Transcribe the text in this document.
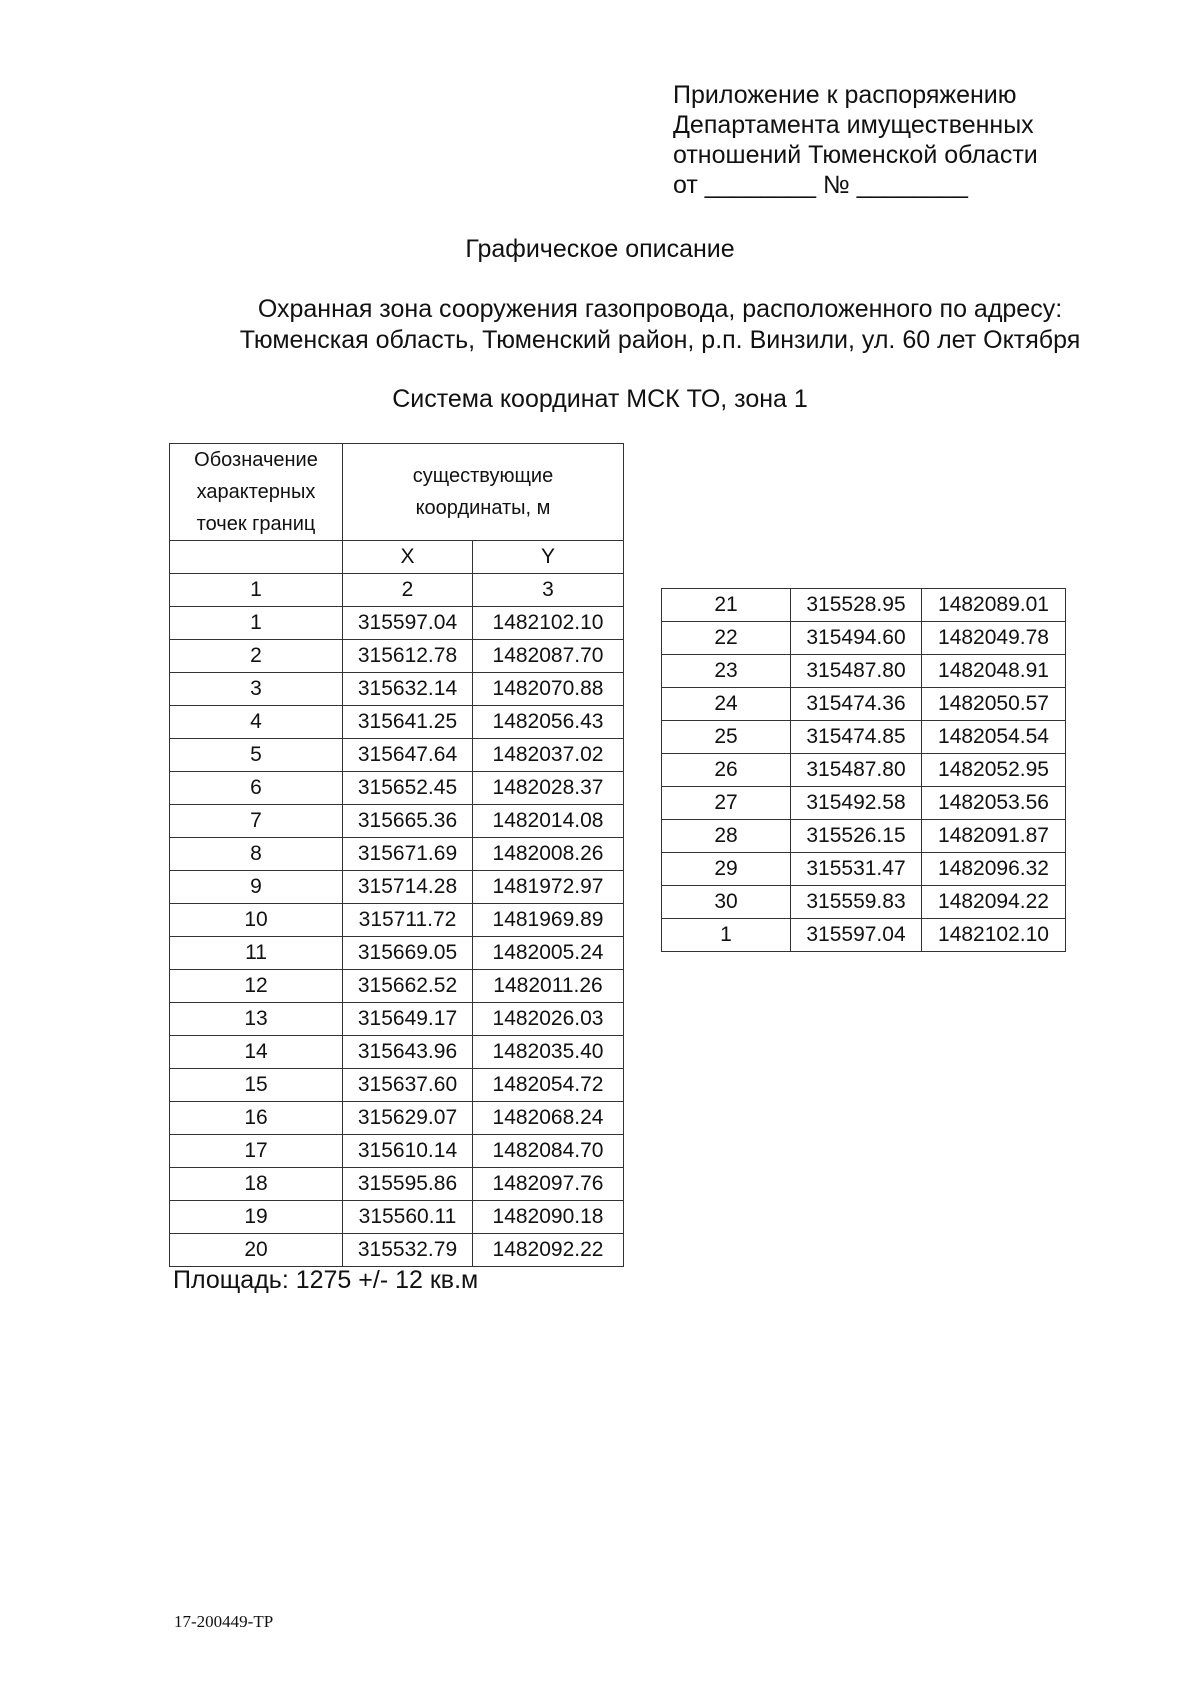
Приложение к распоряжению
Департамента имущественных
отношений Тюменской области
от ________ № ________
Графическое описание
Охранная зона сооружения газопровода, расположенного по адресу:
Тюменская область, Тюменский район, р.п. Винзили, ул. 60 лет Октября
Система координат МСК ТО, зона 1
Обозначение
характерных
точек границ	существующие
координаты, м	

	X	Y
1	2	3
1	315597.04	1482102.10
2	315612.78	1482087.70
3	315632.14	1482070.88
4	315641.25	1482056.43
5	315647.64	1482037.02
6	315652.45	1482028.37
7	315665.36	1482014.08
8	315671.69	1482008.26
9	315714.28	1481972.97
10	315711.72	1481969.89
11	315669.05	1482005.24
12	315662.52	1482011.26
13	315649.17	1482026.03
14	315643.96	1482035.40
15	315637.60	1482054.72
16	315629.07	1482068.24
17	315610.14	1482084.70
18	315595.86	1482097.76
19	315560.11	1482090.18
20	315532.79	1482092.22
21	315528.95	1482089.01
22	315494.60	1482049.78
23	315487.80	1482048.91
24	315474.36	1482050.57
25	315474.85	1482054.54
26	315487.80	1482052.95
27	315492.58	1482053.56
28	315526.15	1482091.87
29	315531.47	1482096.32
30	315559.83	1482094.22
1	315597.04	1482102.10
Площадь: 1275 +/- 12 кв.м
17-200449-ТР
